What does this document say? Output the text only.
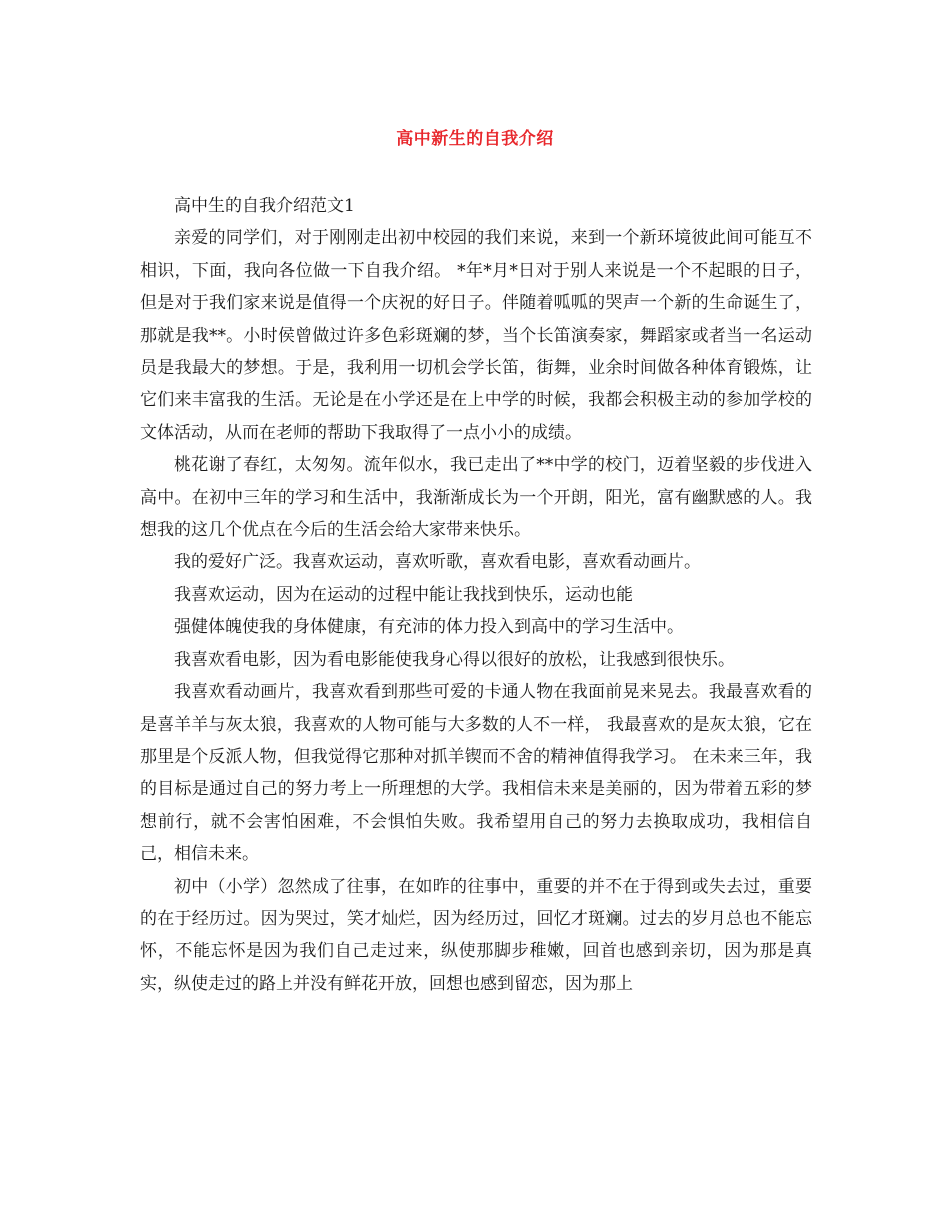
高中新生的自我介绍

高中生的自我介绍范文1

亲爱的同学们，对于刚刚走出初中校园的我们来说，来到一个新环境彼此间可能互不相识，下面，我向各位做一下自我介绍。 *年*月*日对于别人来说是一个不起眼的日子，但是对于我们家来说是值得一个庆祝的好日子。伴随着呱呱的哭声一个新的生命诞生了，那就是我**。小时侯曾做过许多色彩斑斓的梦，当个长笛演奏家，舞蹈家或者当一名运动员是我最大的梦想。于是，我利用一切机会学长笛，街舞，业余时间做各种体育锻炼，让它们来丰富我的生活。无论是在小学还是在上中学的时候，我都会积极主动的参加学校的文体活动，从而在老师的帮助下我取得了一点小小的成绩。

桃花谢了春红，太匆匆。流年似水，我已走出了**中学的校门，迈着坚毅的步伐进入高中。在初中三年的学习和生活中，我渐渐成长为一个开朗，阳光，富有幽默感的人。我想我的这几个优点在今后的生活会给大家带来快乐。

我的爱好广泛。我喜欢运动，喜欢听歌，喜欢看电影，喜欢看动画片。

我喜欢运动，因为在运动的过程中能让我找到快乐，运动也能

强健体魄使我的身体健康，有充沛的体力投入到高中的学习生活中。

我喜欢看电影，因为看电影能使我身心得以很好的放松，让我感到很快乐。

我喜欢看动画片，我喜欢看到那些可爱的卡通人物在我面前晃来晃去。我最喜欢看的是喜羊羊与灰太狼，我喜欢的人物可能与大多数的人不一样， 我最喜欢的是灰太狼，它在那里是个反派人物，但我觉得它那种对抓羊锲而不舍的精神值得我学习。 在未来三年，我的目标是通过自己的努力考上一所理想的大学。我相信未来是美丽的，因为带着五彩的梦想前行，就不会害怕困难，不会惧怕失败。我希望用自己的努力去换取成功，我相信自己，相信未来。

初中（小学）忽然成了往事，在如昨的往事中，重要的并不在于得到或失去过，重要的在于经历过。因为哭过，笑才灿烂，因为经历过，回忆才斑斓。过去的岁月总也不能忘怀，不能忘怀是因为我们自己走过来，纵使那脚步稚嫩，回首也感到亲切，因为那是真实，纵使走过的路上并没有鲜花开放，回想也感到留恋，因为那上
